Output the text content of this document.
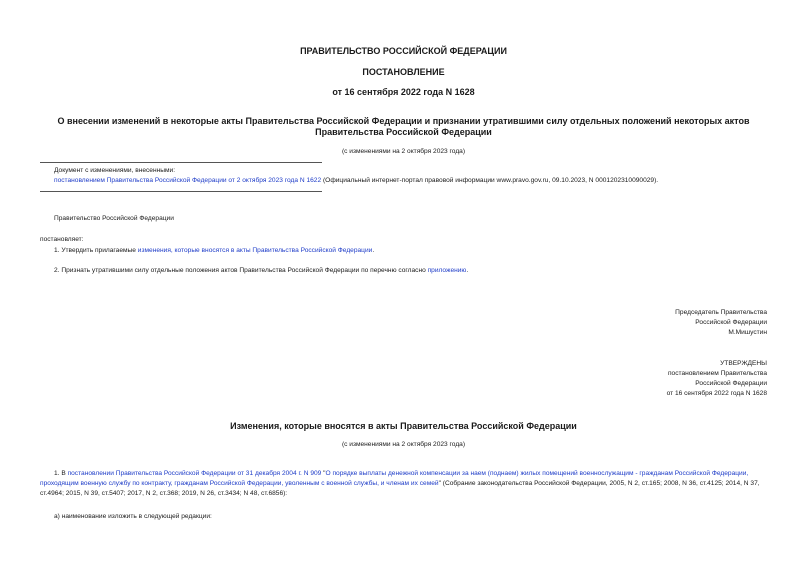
ПРАВИТЕЛЬСТВО РОССИЙСКОЙ ФЕДЕРАЦИИ
ПОСТАНОВЛЕНИЕ
от 16 сентября 2022 года N 1628
О внесении изменений в некоторые акты Правительства Российской Федерации и признании утратившими силу отдельных положений некоторых актов
Правительства Российской Федерации
(с изменениями на 2 октября 2023 года)
Документ с изменениями, внесенными:
постановлением Правительства Российской Федерации от 2 октября 2023 года N 1622 (Официальный интернет-портал правовой информации www.pravo.gov.ru, 09.10.2023, N 0001202310090029).
Правительство Российской Федерации
постановляет:
1. Утвердить прилагаемые изменения, которые вносятся в акты Правительства Российской Федерации.
2. Признать утратившими силу отдельные положения актов Правительства Российской Федерации по перечню согласно приложению.
Председатель Правительства
Российской Федерации
М.Мишустин
УТВЕРЖДЕНЫ
постановлением Правительства
Российской Федерации
от 16 сентября 2022 года N 1628
Изменения, которые вносятся в акты Правительства Российской Федерации
(с изменениями на 2 октября 2023 года)
1. В постановлении Правительства Российской Федерации от 31 декабря 2004 г. N 909 "О порядке выплаты денежной компенсации за наем (поднаем) жилых помещений военнослужащим - гражданам Российской Федерации, проходящим военную службу по контракту, гражданам Российской Федерации, уволенным с военной службы, и членам их семей" (Собрание законодательства Российской Федерации, 2005, N 2, ст.165; 2008, N 36, ст.4125; 2014, N 37, ст.4964; 2015, N 39, ст.5407; 2017, N 2, ст.368; 2019, N 26, ст.3434; N 48, ст.6856):
а) наименование изложить в следующей редакции:
